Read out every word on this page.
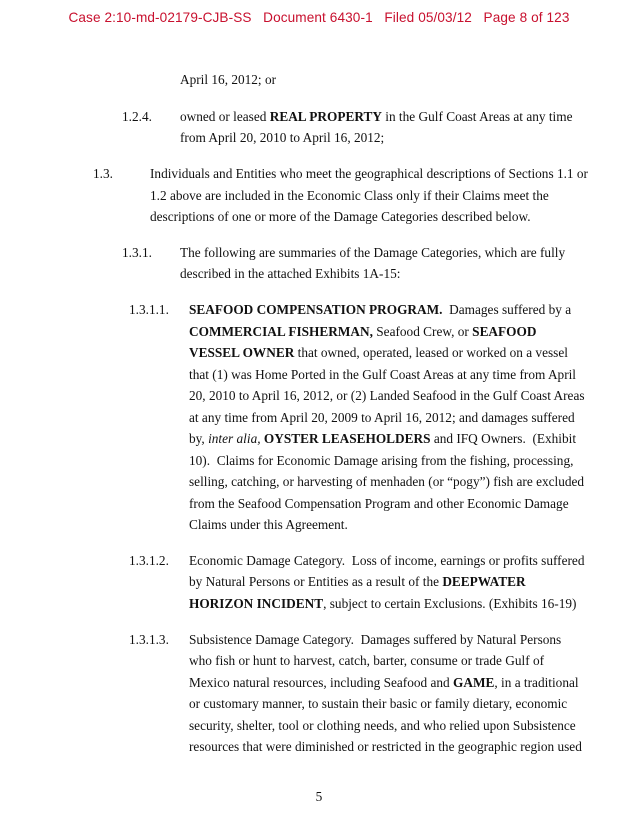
Case 2:10-md-02179-CJB-SS   Document 6430-1   Filed 05/03/12   Page 8 of 123
April 16, 2012; or
1.2.4. owned or leased REAL PROPERTY in the Gulf Coast Areas at any time
from April 20, 2010 to April 16, 2012;
1.3.	Individuals and Entities who meet the geographical descriptions of Sections 1.1 or
1.2 above are included in the Economic Class only if their Claims meet the
descriptions of one or more of the Damage Categories described below.
1.3.1. The following are summaries of the Damage Categories, which are fully
described in the attached Exhibits 1A-15:
1.3.1.1. SEAFOOD COMPENSATION PROGRAM.  Damages suffered by a
COMMERCIAL FISHERMAN, Seafood Crew, or SEAFOOD
VESSEL OWNER that owned, operated, leased or worked on a vessel
that (1) was Home Ported in the Gulf Coast Areas at any time from April
20, 2010 to April 16, 2012, or (2) Landed Seafood in the Gulf Coast Areas
at any time from April 20, 2009 to April 16, 2012; and damages suffered
by, inter alia, OYSTER LEASEHOLDERS and IFQ Owners.  (Exhibit
10).  Claims for Economic Damage arising from the fishing, processing,
selling, catching, or harvesting of menhaden (or “pogy”) fish are excluded
from the Seafood Compensation Program and other Economic Damage
Claims under this Agreement.
1.3.1.2. Economic Damage Category.  Loss of income, earnings or profits suffered
by Natural Persons or Entities as a result of the DEEPWATER
HORIZON INCIDENT, subject to certain Exclusions. (Exhibits 16-19)
1.3.1.3. Subsistence Damage Category.  Damages suffered by Natural Persons
who fish or hunt to harvest, catch, barter, consume or trade Gulf of
Mexico natural resources, including Seafood and GAME, in a traditional
or customary manner, to sustain their basic or family dietary, economic
security, shelter, tool or clothing needs, and who relied upon Subsistence
resources that were diminished or restricted in the geographic region used
5
